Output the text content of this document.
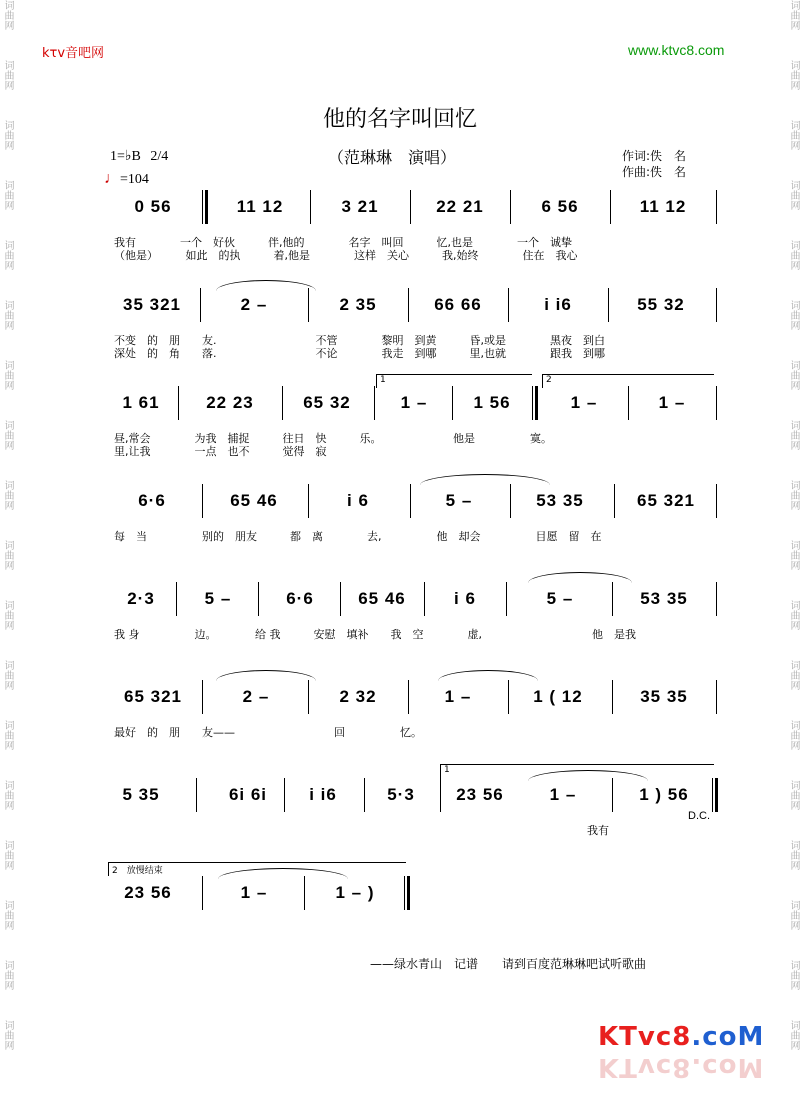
词曲网
词曲网
词曲网
词曲网
词曲网
词曲网
词曲网
词曲网
词曲网
词曲网
词曲网
词曲网
词曲网
词曲网
词曲网
词曲网
词曲网
词曲网
词曲网
词曲网
词曲网
词曲网
词曲网
词曲网
词曲网
词曲网
词曲网
词曲网
词曲网
词曲网
词曲网
词曲网
词曲网
词曲网
词曲网
词曲网
kτv音吧网	www.ktvc8.com
他的名字叫回忆
（范琳琳　演唱）	作词:佚　名
作曲:佚　名
1=♭B 2/4
♩=104
0 56	11 12	3 21	22 21	6 56	11 12
我有　　　　一个　好伙　　　伴,他的　　　　名字　叫回　　　忆,也是　　　　一个　诚挚
（他是）　　　如此　的执　　　着,他是　　　　这样　关心　　　我,始终　　　　住在　我心
35 321	2 –	2 35	66 66	i i6	55 32
不变　的　朋　　友.　　　　　　　　　不管　　　　黎明　到黄　　　昏,或是　　　　黑夜　到白
深处　的　角　　落.　　　　　　　　　不论　　　　我走　到哪　　　里,也就　　　　跟我　到哪
1	2
1 61	22 23	65 32	1 –	1 56	1 –	1 –
昼,常会　　　　为我　捕捉　　　往日　快　　　乐。　　　　　　　他是　　　　　寞。
里,让我　　　　一点　也不　　　觉得　寂
6·6	65 46	i 6	5 –	53 35	65 321
每　当　　　　　别的　朋友　　　都　离　　　　去,　　　　　他　却会　　　　　目愿　留　在
2·3	5 –	6·6	65 46	i 6	5 –	53 35
我 身　　　　　边。　　　　给 我　　　安慰　填补　　我　空　　　　虚,　　　　　　　　　　他　是我
65 321	2 –	2 32	1 –	1 ( 12	35 35
最好　的　朋　　友——　　　　　　　　　回　　　　　忆。
1
5 35	6i 6i	i i6	5·3	23 56	1 –	1 ) 56
　　　　　　　　　　　　　　　　　　　　　　　　　　　　　　　　　　　　　　　　　　　我有
D.C.
2　放慢结束
23 56	1 –	1 – )
——绿水青山　记谱　　请到百度范琳琳吧试听歌曲
KTvc8.coM
KTvc8.coM
